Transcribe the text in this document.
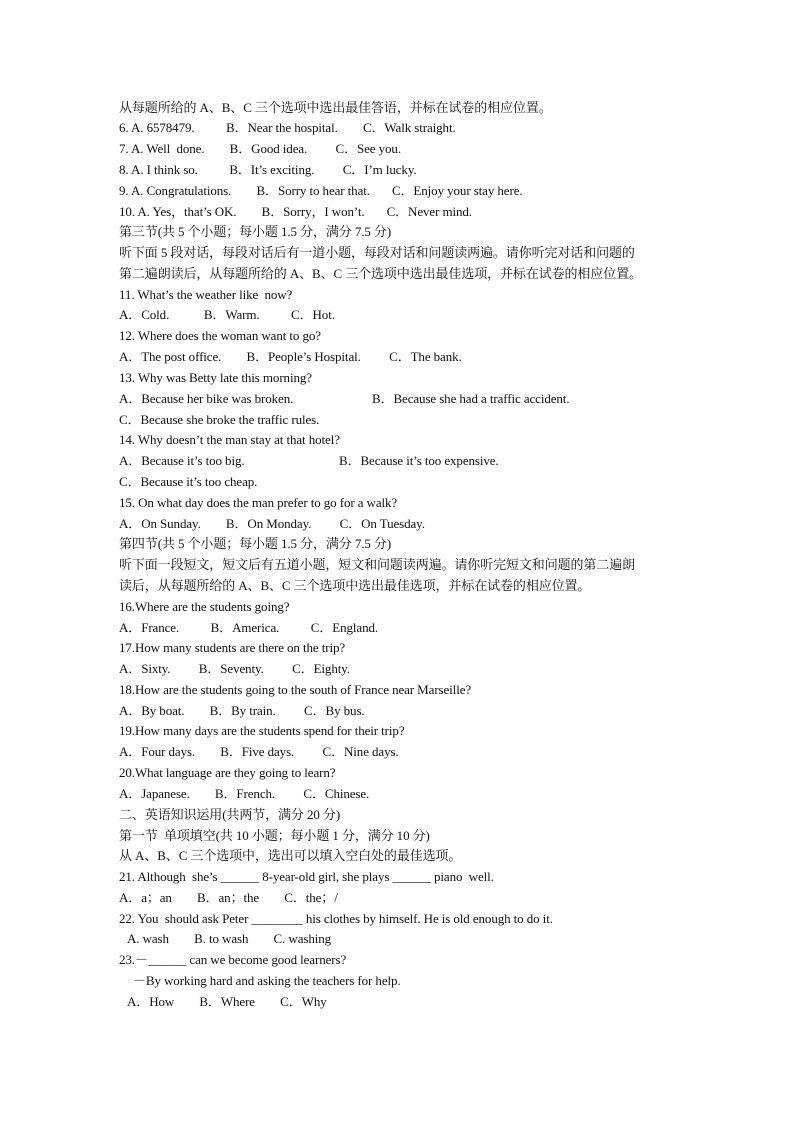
从每题所给的 A、B、C 三个选项中选出最佳答语，并标在试卷的相应位置。
6. A. 6578479.          B．Near the hospital.        C．Walk straight.
7. A. Well  done.        B．Good idea.         C．See you.
8. A. I think so.          B．It’s exciting.         C．I’m lucky.
9. A. Congratulations.        B．Sorry to hear that.       C．Enjoy your stay here.
10. A. Yes，that’s OK.        B．Sorry，I won’t.       C．Never mind.
第三节(共 5 个小题；每小题 1.5 分，满分 7.5 分)
听下面 5 段对话，每段对话后有一道小题，每段对话和问题读两遍。请你听完对话和问题的
第二遍朗读后，从每题所给的 A、B、C 三个选项中选出最佳选项，并标在试卷的相应位置。
11. What’s the weather like  now?
A．Cold.           B．Warm.          C．Hot.
12. Where does the woman want to go?
A．The post office.        B．People’s Hospital.         C．The bank.
13. Why was Betty late this morning?
A．Because her bike was broken.                         B．Because she had a traffic accident.
C．Because she broke the traffic rules.
14. Why doesn’t the man stay at that hotel?
A．Because it’s too big.                              B．Because it’s too expensive.
C．Because it’s too cheap.
15. On what day does the man prefer to go for a walk?
A．On Sunday.        B．On Monday.         C．On Tuesday.
第四节(共 5 个小题；每小题 1.5 分，满分 7.5 分)
听下面一段短文，短文后有五道小题，短文和问题读两遍。请你听完短文和问题的第二遍朗
读后，从每题所给的 A、B、C 三个选项中选出最佳选项，并标在试卷的相应位置。
16.Where are the students going?
A．France.          B．America.          C．England.
17.How many students are there on the trip?
A．Sixty.         B．Seventy.         C．Eighty.
18.How are the students going to the south of France near Marseille?
A．By boat.        B．By train.         C．By bus.
19.How many days are the students spend for their trip?
A．Four days.        B．Five days.         C．Nine days.
20.What language are they going to learn?
A．Japanese.        B．French.         C．Chinese.
二、英语知识运用(共两节，满分 20 分)
第一节  单项填空(共 10 小题；每小题 1 分，满分 10 分)
从 A、B、C 三个选项中，选出可以填入空白处的最佳选项。
21. Although  she’s ______ 8-year-old girl, she plays ______ piano  well.
A．a；an        B．an；the        C．the；/
22. You  should ask Peter ________ his clothes by himself. He is old enough to do it.
A. wash        B. to wash        C. washing
23.－______ can we become good learners?
－By working hard and asking the teachers for help.
A．How        B．Where        C．Why
